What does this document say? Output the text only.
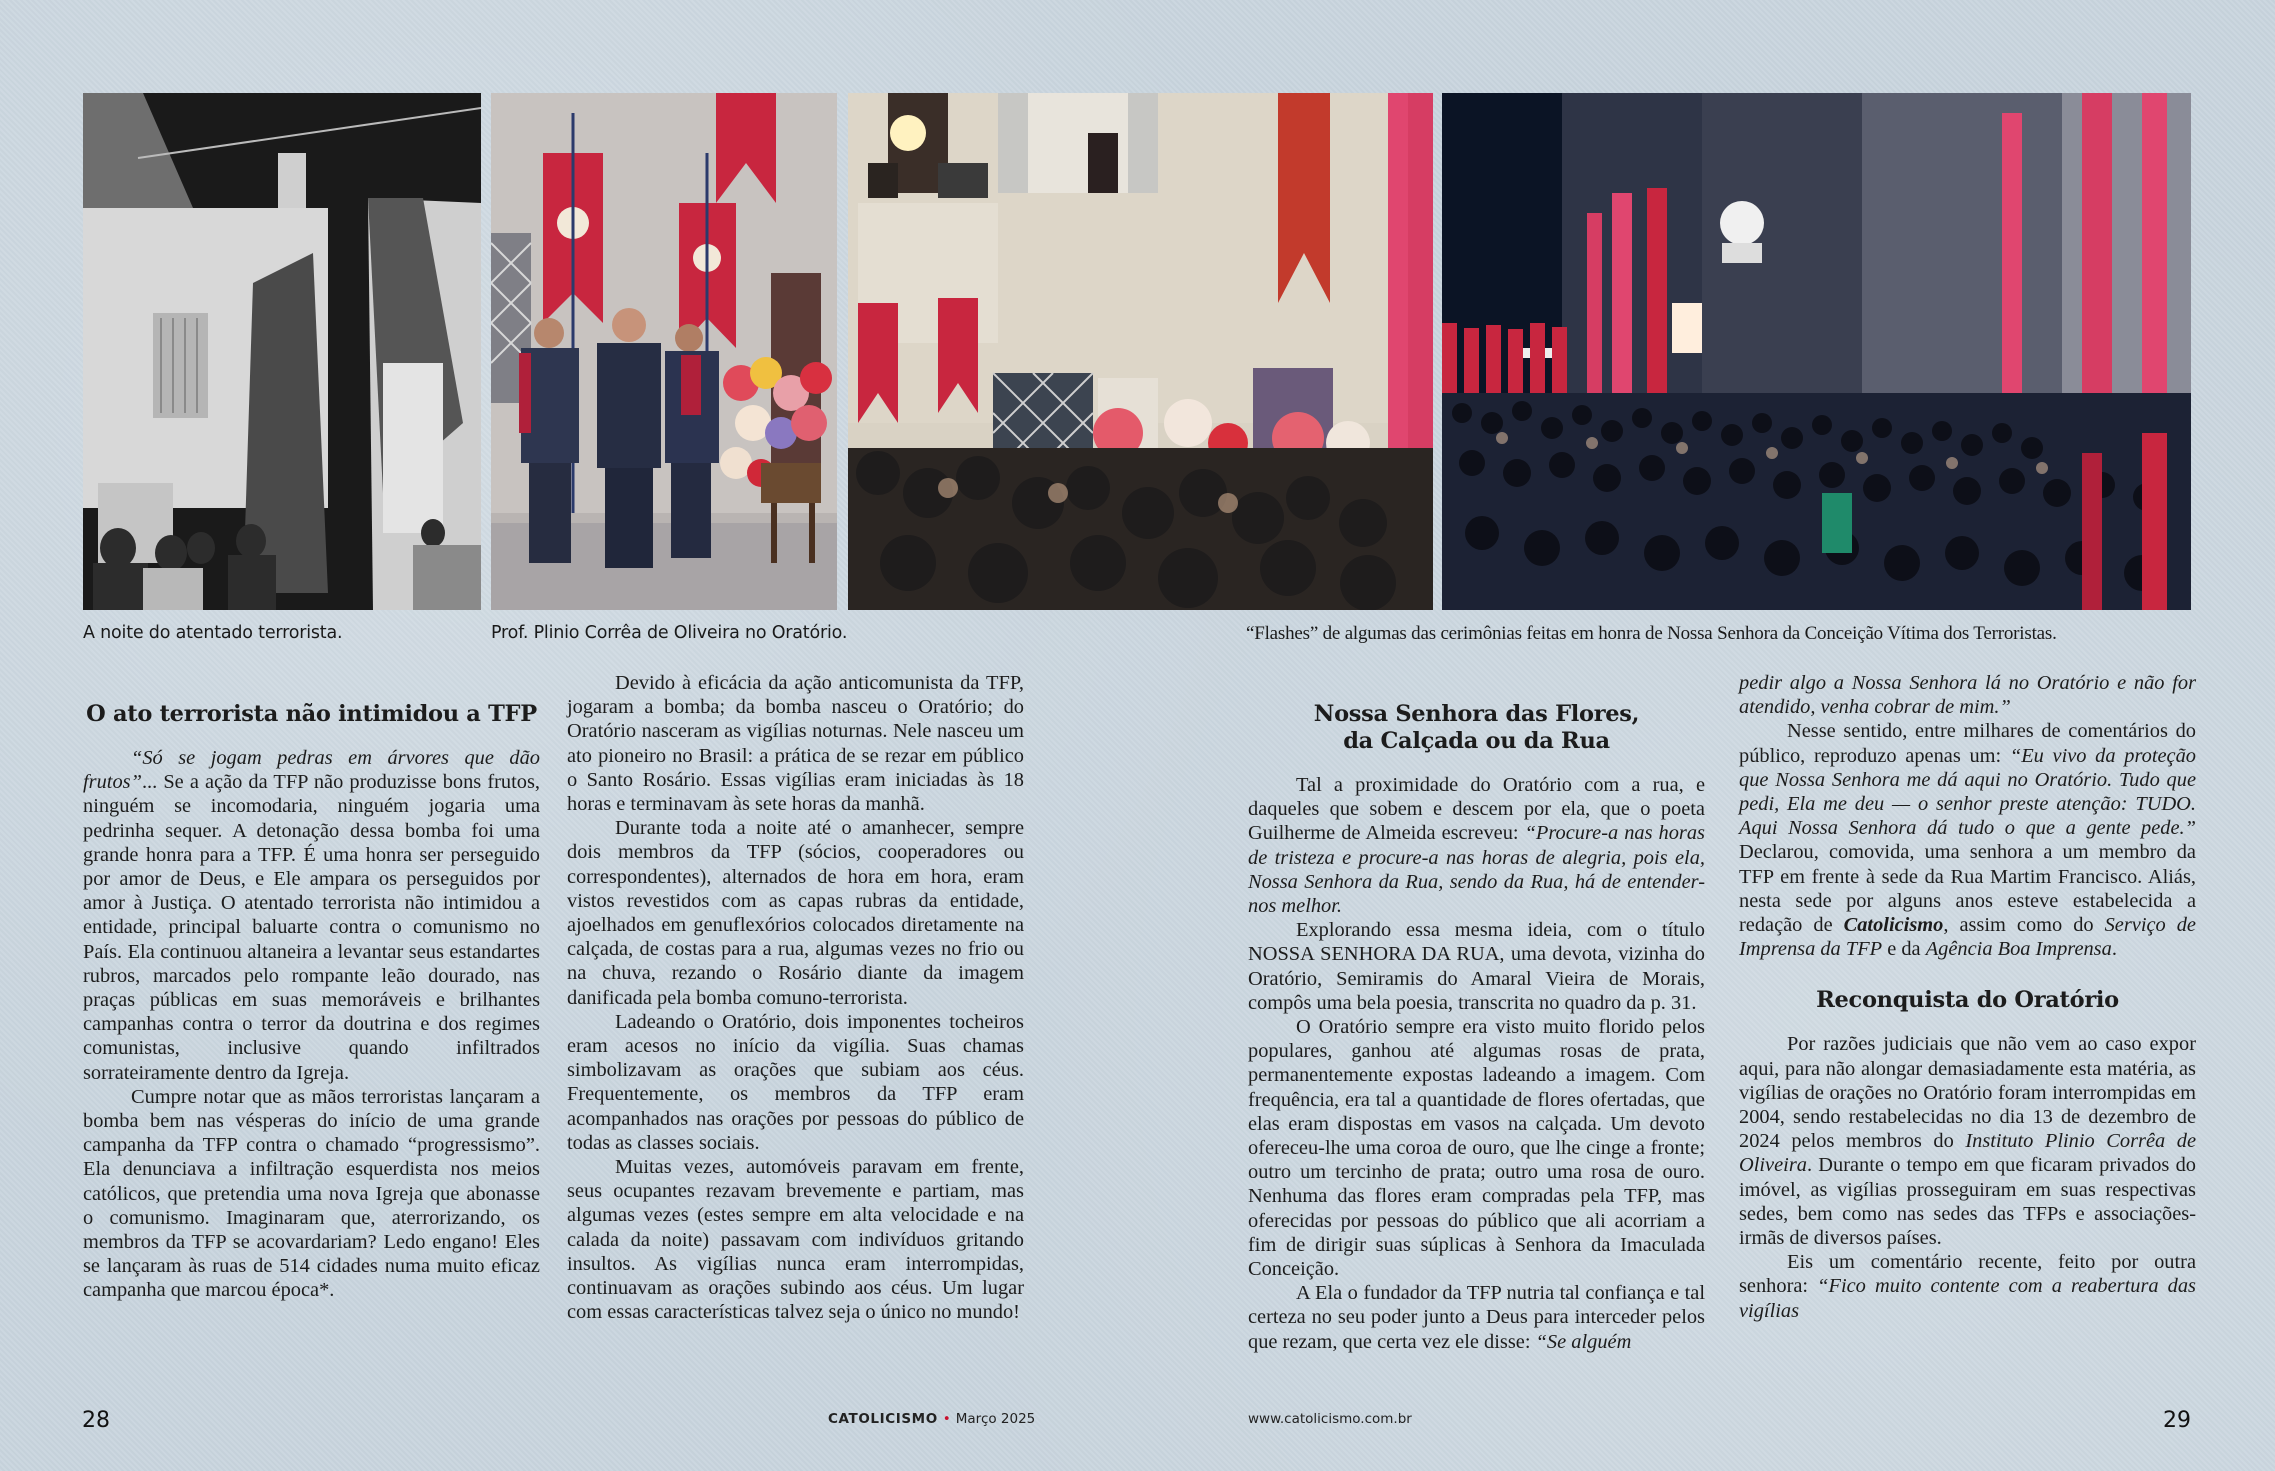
A noite do atentado terrorista.	Prof. Plinio Corrêa de Oliveira no Oratório.	“Flashes” de algumas das cerimônias feitas em honra de Nossa Senhora da Conceição Vítima dos Terroristas.
O ato terrorista não intimidou a TFP

“Só se jogam pedras em árvores que dão frutos”... Se a ação da TFP não produzisse bons frutos, ninguém se incomodaria, ninguém jogaria uma pedrinha sequer. A detonação dessa bomba foi uma grande honra para a TFP. É uma honra ser perseguido por amor de Deus, e Ele ampara os perseguidos por amor à Justiça. O atentado terrorista não intimidou a entidade, principal baluarte contra o comunismo no País. Ela continuou altaneira a levantar seus estandartes rubros, marcados pelo rompante leão dourado, nas praças públicas em suas memoráveis e brilhantes campanhas contra o terror da doutrina e dos regimes comunistas, inclusive quando infiltrados sorrateiramente dentro da Igreja.

Cumpre notar que as mãos terroristas lançaram a bomba bem nas vésperas do início de uma grande campanha da TFP contra o chamado “progressismo”. Ela denunciava a infiltração esquerdista nos meios católicos, que pretendia uma nova Igreja que abonasse o comunismo. Imaginaram que, aterrorizando, os membros da TFP se acovardariam? Ledo engano! Eles se lançaram às ruas de 514 cidades numa muito eficaz campanha que marcou época*.

Devido à eficácia da ação anticomunista da TFP, jogaram a bomba; da bomba nasceu o Oratório; do Oratório nasceram as vigílias noturnas. Nele nasceu um ato pioneiro no Brasil: a prática de se rezar em público o Santo Rosário. Essas vigílias eram iniciadas às 18 horas e terminavam às sete horas da manhã.

Durante toda a noite até o amanhecer, sempre dois membros da TFP (sócios, cooperadores ou correspondentes), alternados de hora em hora, eram vistos revestidos com as capas rubras da entidade, ajoelhados em genuflexórios colocados diretamente na calçada, de costas para a rua, algumas vezes no frio ou na chuva, rezando o Rosário diante da imagem danificada pela bomba comuno-terrorista.

Ladeando o Oratório, dois imponentes tocheiros eram acesos no início da vigília. Suas chamas simbolizavam as orações que subiam aos céus. Frequentemente, os membros da TFP eram acompanhados nas orações por pessoas do público de todas as classes sociais.

Muitas vezes, automóveis paravam em frente, seus ocupantes rezavam brevemente e partiam, mas algumas vezes (estes sempre em alta velocidade e na calada da noite) passavam com indivíduos gritando insultos. As vigílias nunca eram interrompidas, continuavam as orações subindo aos céus. Um lugar com essas características talvez seja o único no mundo!

Nossa Senhora das Flores,
da Calçada ou da Rua

Tal a proximidade do Oratório com a rua, e daqueles que sobem e descem por ela, que o poeta Guilherme de Almeida escreveu: “Procure-a nas horas de tristeza e procure-a nas horas de alegria, pois ela, Nossa Senhora da Rua, sendo da Rua, há de entender-nos melhor.

Explorando essa mesma ideia, com o título NOSSA SENHORA DA RUA, uma devota, vizinha do Oratório, Semiramis do Amaral Vieira de Morais, compôs uma bela poesia, transcrita no quadro da p. 31.

O Oratório sempre era visto muito florido pelos populares, ganhou até algumas rosas de prata, permanentemente expostas ladeando a imagem. Com frequência, era tal a quantidade de flores ofertadas, que elas eram dispostas em vasos na calçada. Um devoto ofereceu-lhe uma coroa de ouro, que lhe cinge a fronte; outro um tercinho de prata; outro uma rosa de ouro. Nenhuma das flores eram compradas pela TFP, mas oferecidas por pessoas do público que ali acorriam a fim de dirigir suas súplicas à Senhora da Imaculada Conceição.

A Ela o fundador da TFP nutria tal confiança e tal certeza no seu poder junto a Deus para interceder pelos que rezam, que certa vez ele disse: “Se alguém

pedir algo a Nossa Senhora lá no Oratório e não for atendido, venha cobrar de mim.”

Nesse sentido, entre milhares de comentários do público, reproduzo apenas um: “Eu vivo da proteção que Nossa Senhora me dá aqui no Oratório. Tudo que pedi, Ela me deu — o senhor preste atenção: TUDO. Aqui Nossa Senhora dá tudo o que a gente pede.” Declarou, comovida, uma senhora a um membro da TFP em frente à sede da Rua Martim Francisco. Aliás, nesta sede por alguns anos esteve estabelecida a redação de Catolicismo, assim como do Serviço de Imprensa da TFP e da Agência Boa Imprensa.

Reconquista do Oratório

Por razões judiciais que não vem ao caso expor aqui, para não alongar demasiadamente esta matéria, as vigílias de orações no Oratório foram interrompidas em 2004, sendo restabelecidas no dia 13 de dezembro de 2024 pelos membros do Instituto Plinio Corrêa de Oliveira. Durante o tempo em que ficaram privados do imóvel, as vigílias prosseguiram em suas respectivas sedes, bem como nas sedes das TFPs e associações-irmãs de diversos países.

Eis um comentário recente, feito por outra senhora: “Fico muito contente com a reabertura das vigílias

28	29
CATOLICISMO • Março 2025	www.catolicismo.com.br
